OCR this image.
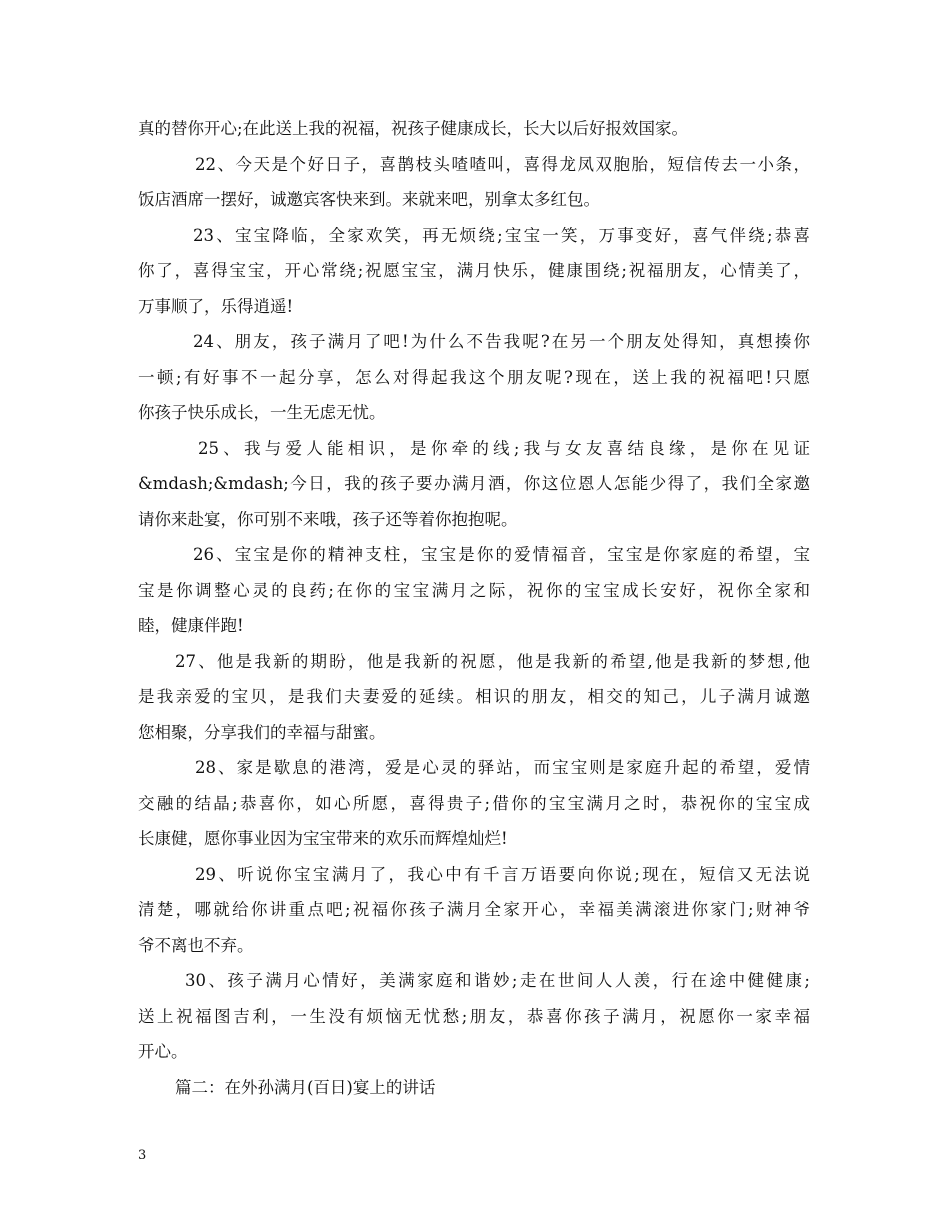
真的替你开心;在此送上我的祝福，祝孩子健康成长，长大以后好报效国家。

22、今天是个好日子，喜鹊枝头喳喳叫，喜得龙凤双胞胎，短信传去一小条，

饭店酒席一摆好，诚邀宾客快来到。来就来吧，别拿太多红包。

23、宝宝降临，全家欢笑，再无烦绕;宝宝一笑，万事变好，喜气伴绕;恭喜

你了，喜得宝宝，开心常绕;祝愿宝宝，满月快乐，健康围绕;祝福朋友，心情美了，

万事顺了，乐得逍遥!

24、朋友，孩子满月了吧!为什么不告我呢?在另一个朋友处得知，真想揍你

一顿;有好事不一起分享，怎么对得起我这个朋友呢?现在，送上我的祝福吧!只愿

你孩子快乐成长，一生无虑无忧。

25、我与爱人能相识，是你牵的线;我与女友喜结良缘，是你在见证

&mdash;&mdash;今日，我的孩子要办满月酒，你这位恩人怎能少得了，我们全家邀

请你来赴宴，你可别不来哦，孩子还等着你抱抱呢。

26、宝宝是你的精神支柱，宝宝是你的爱情福音，宝宝是你家庭的希望，宝

宝是你调整心灵的良药;在你的宝宝满月之际，祝你的宝宝成长安好，祝你全家和

睦，健康伴跑!

27、他是我新的期盼，他是我新的祝愿，他是我新的希望,他是我新的梦想,他

是我亲爱的宝贝，是我们夫妻爱的延续。相识的朋友，相交的知己，儿子满月诚邀

您相聚，分享我们的幸福与甜蜜。

28、家是歇息的港湾，爱是心灵的驿站，而宝宝则是家庭升起的希望，爱情

交融的结晶;恭喜你，如心所愿，喜得贵子;借你的宝宝满月之时，恭祝你的宝宝成

长康健，愿你事业因为宝宝带来的欢乐而辉煌灿烂!

29、听说你宝宝满月了，我心中有千言万语要向你说;现在，短信又无法说

清楚，哪就给你讲重点吧;祝福你孩子满月全家开心，幸福美满滚进你家门;财神爷

爷不离也不弃。

30、孩子满月心情好，美满家庭和谐妙;走在世间人人羡，行在途中健健康;

送上祝福图吉利，一生没有烦恼无忧愁;朋友，恭喜你孩子满月，祝愿你一家幸福

开心。

篇二：在外孙满月(百日)宴上的讲话

3
